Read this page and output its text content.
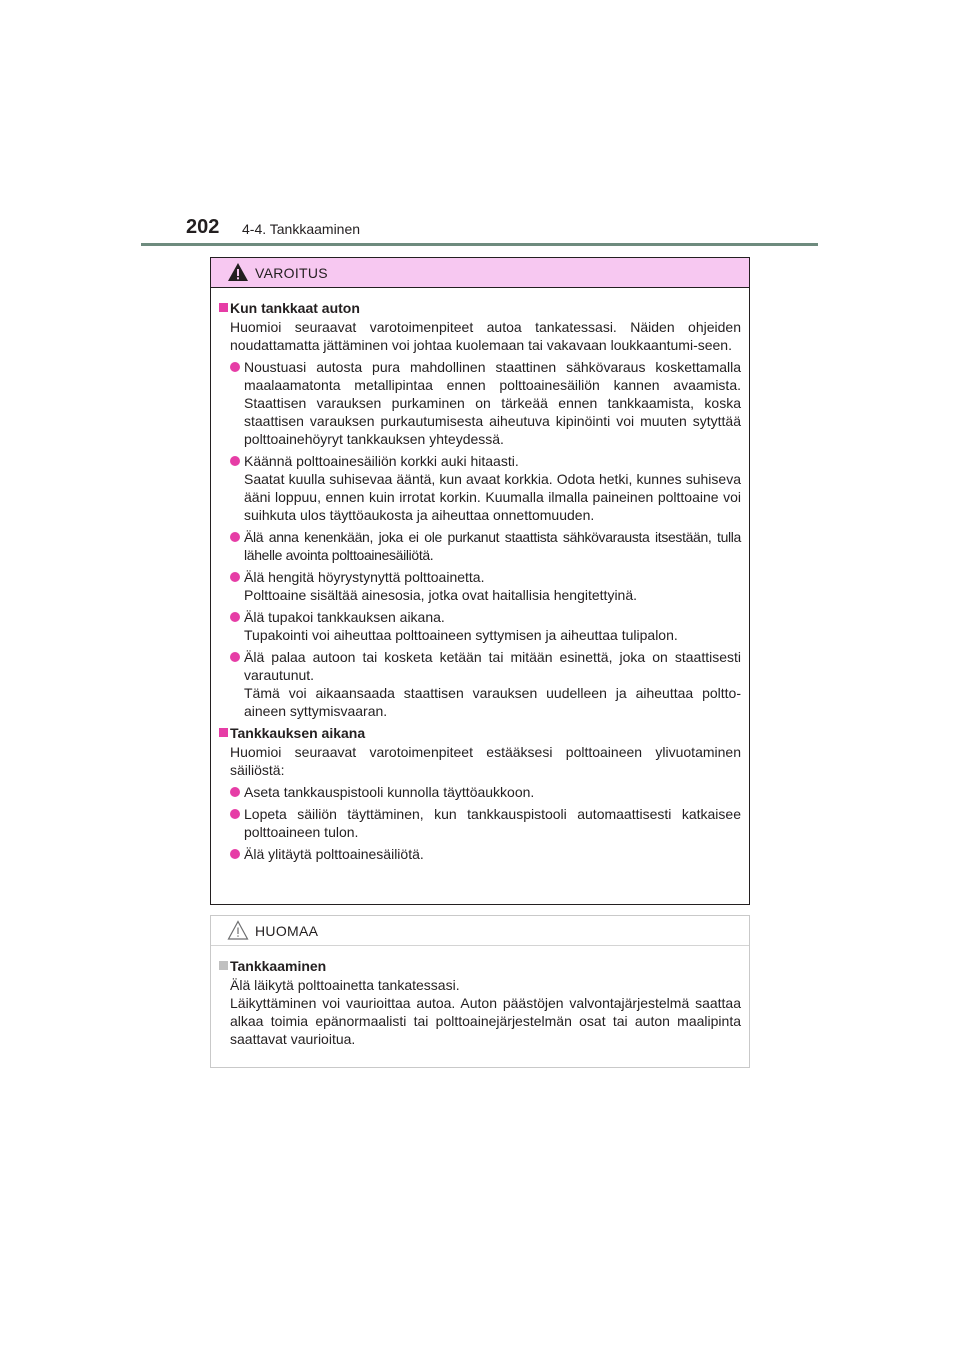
202 4-4. Tankkaaminen
VAROITUS
Kun tankkaat auton
Huomioi seuraavat varotoimenpiteet autoa tankatessasi. Näiden ohjeiden noudattamatta jättäminen voi johtaa kuolemaan tai vakavaan loukkaantumi-seen.
Noustuasi autosta pura mahdollinen staattinen sähkövaraus koskettamalla maalaamatonta metallipintaa ennen polttoainesäiliön kannen avaamista. Staattisen varauksen purkaminen on tärkeää ennen tankkaamista, koska staattisen varauksen purkautumisesta aiheutuva kipinöinti voi muuten sytyttää polttoainehöyryt tankkauksen yhteydessä.
Käännä polttoainesäiliön korkki auki hitaasti.
Saatat kuulla suhisevaa ääntä, kun avaat korkkia. Odota hetki, kunnes suhiseva ääni loppuu, ennen kuin irrotat korkin. Kuumalla ilmalla paineinen polttoaine voi suihkuta ulos täyttöaukosta ja aiheuttaa onnettomuuden.
Älä anna kenenkään, joka ei ole purkanut staattista sähkövarausta itsestään, tulla lähelle avointa polttoainesäiliötä.
Älä hengitä höyrystynyttä polttoainetta.
Polttoaine sisältää ainesosia, jotka ovat haitallisia hengitettyinä.
Älä tupakoi tankkauksen aikana.
Tupakointi voi aiheuttaa polttoaineen syttymisen ja aiheuttaa tulipalon.
Älä palaa autoon tai kosketa ketään tai mitään esinettä, joka on staattisesti varautunut.
Tämä voi aikaansaada staattisen varauksen uudelleen ja aiheuttaa poltto-aineen syttymisvaaran.
Tankkauksen aikana
Huomioi seuraavat varotoimenpiteet estääksesi polttoaineen ylivuotaminen säiliöstä:
Aseta tankkauspistooli kunnolla täyttöaukkoon.
Lopeta säiliön täyttäminen, kun tankkauspistooli automaattisesti katkaisee polttoaineen tulon.
Älä ylitäytä polttoainesäiliötä.
HUOMAA
Tankkaaminen
Älä läikytä polttoainetta tankatessasi.
Läikyttäminen voi vaurioittaa autoa. Auton päästöjen valvontajärjestelmä saattaa alkaa toimia epänormaalisti tai polttoainejärjestelmän osat tai auton maalipinta saattavat vaurioitua.
